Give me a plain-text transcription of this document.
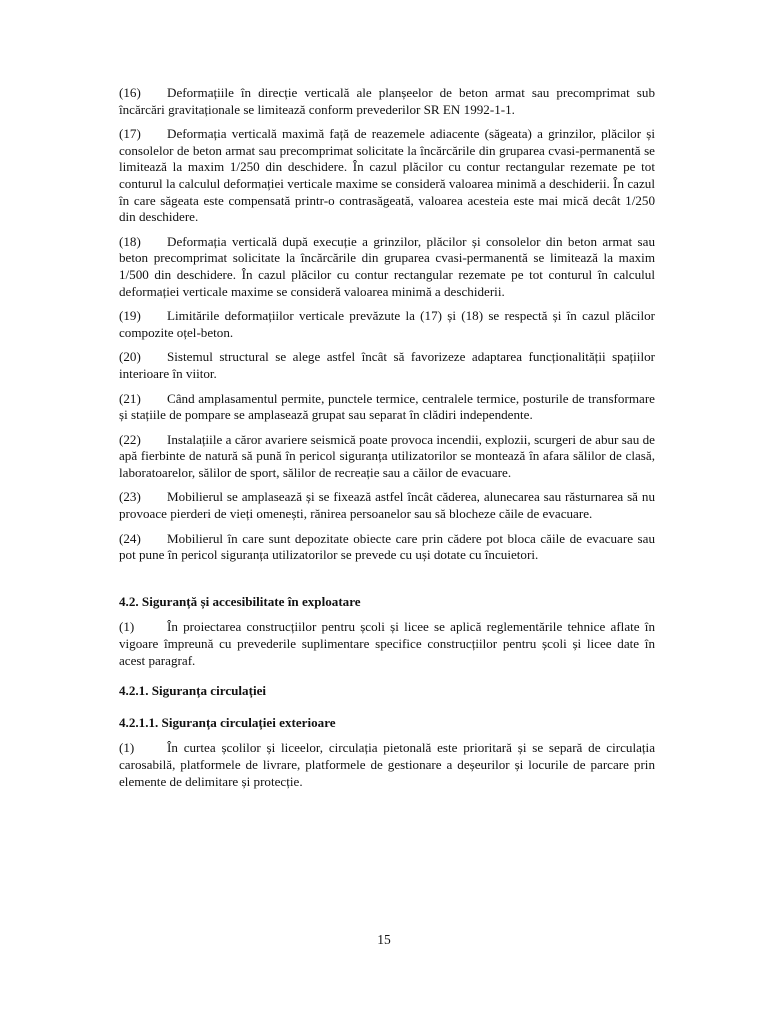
(16) Deformațiile în direcție verticală ale planșeelor de beton armat sau precomprimat sub încărcări gravitaționale se limitează conform prevederilor SR EN 1992-1-1.

(17) Deformația verticală maximă față de reazemele adiacente (săgeata) a grinzilor, plăcilor și consolelor de beton armat sau precomprimat solicitate la încărcările din gruparea cvasi-permanentă se limitează la maxim 1/250 din deschidere. În cazul plăcilor cu contur rectangular rezemate pe tot conturul la calculul deformației verticale maxime se consideră valoarea minimă a deschiderii. În cazul în care săgeata este compensată printr-o contrasăgeată, valoarea acesteia este mai mică decât 1/250 din deschidere.

(18) Deformația verticală după execuție a grinzilor, plăcilor și consolelor din beton armat sau beton precomprimat solicitate la încărcările din gruparea cvasi-permanentă se limitează la maxim 1/500 din deschidere. În cazul plăcilor cu contur rectangular rezemate pe tot conturul în calculul deformației verticale maxime se consideră valoarea minimă a deschiderii.

(19) Limitările deformațiilor verticale prevăzute la (17) și (18) se respectă și în cazul plăcilor compozite oțel-beton.

(20) Sistemul structural se alege astfel încât să favorizeze adaptarea funcționalității spațiilor interioare în viitor.

(21) Când amplasamentul permite, punctele termice, centralele termice, posturile de transformare și stațiile de pompare se amplasează grupat sau separat în clădiri independente.

(22) Instalațiile a căror avariere seismică poate provoca incendii, explozii, scurgeri de abur sau de apă fierbinte de natură să pună în pericol siguranța utilizatorilor se montează în afara sălilor de clasă, laboratoarelor, sălilor de sport, sălilor de recreație sau a căilor de evacuare.

(23) Mobilierul se amplasează și se fixează astfel încât căderea, alunecarea sau răsturnarea să nu provoace pierderi de vieți omenești, rănirea persoanelor sau să blocheze căile de evacuare.

(24) Mobilierul în care sunt depozitate obiecte care prin cădere pot bloca căile de evacuare sau pot pune în pericol siguranța utilizatorilor se prevede cu uși dotate cu încuietori.

4.2. Siguranță și accesibilitate în exploatare

(1) În proiectarea construcțiilor pentru școli și licee se aplică reglementările tehnice aflate în vigoare împreună cu prevederile suplimentare specifice construcțiilor pentru școli și licee date în acest paragraf.

4.2.1. Siguranța circulației
4.2.1.1. Siguranța circulației exterioare

(1) În curtea școlilor și liceelor, circulația pietonală este prioritară și se separă de circulația carosabilă, platformele de livrare, platformele de gestionare a deșeurilor și locurile de parcare prin elemente de delimitare și protecție.

15
